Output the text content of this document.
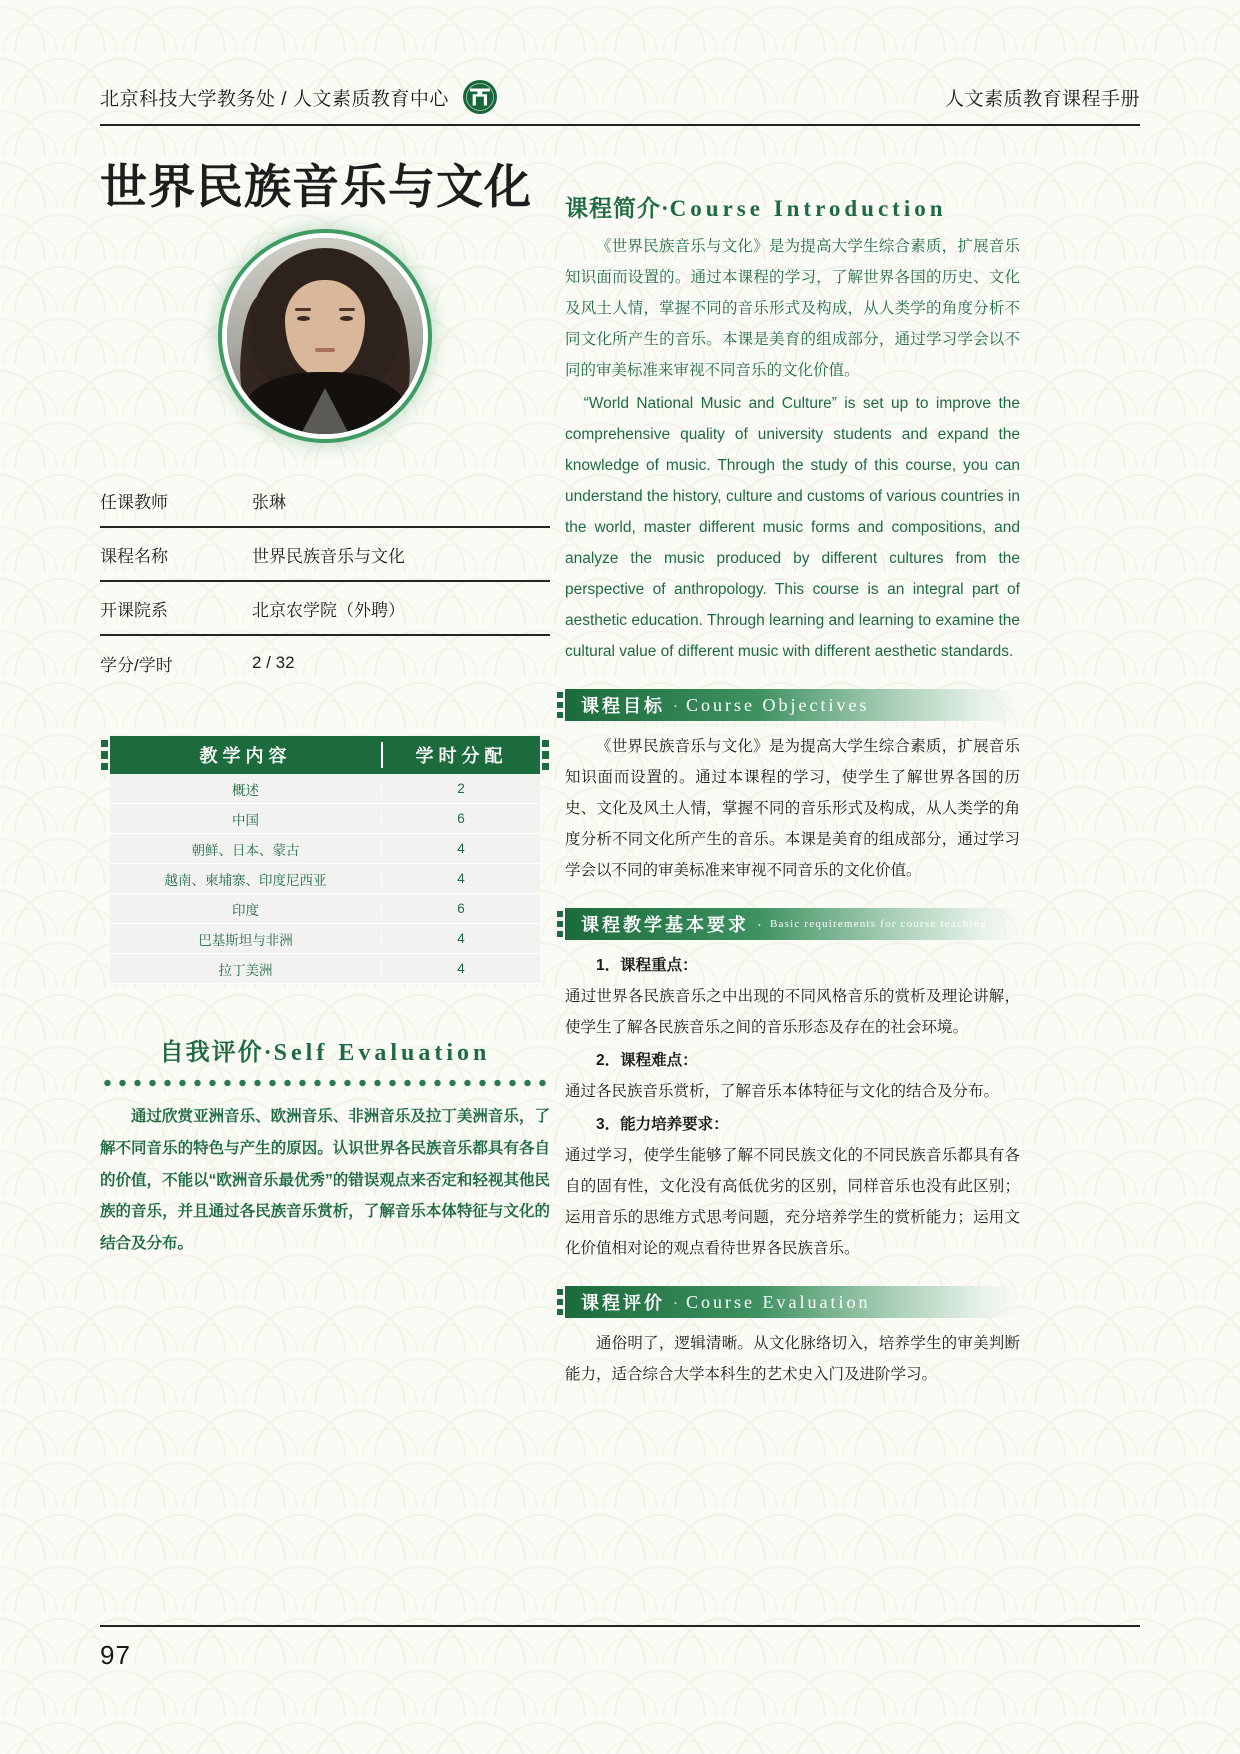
北京科技大学教务处 / 人文素质教育中心	人文素质教育课程手册
世界民族音乐与文化
任课教师	张琳
课程名称	世界民族音乐与文化
开课院系	北京农学院（外聘）
学分/学时	2 / 32
教学内容	学时分配
概述	2
中国	6
朝鲜、日本、蒙古	4
越南、柬埔寨、印度尼西亚	4
印度	6
巴基斯坦与非洲	4
拉丁美洲	4
自我评价·Self Evaluation
通过欣赏亚洲音乐、欧洲音乐、非洲音乐及拉丁美洲音乐，了解不同音乐的特色与产生的原因。认识世界各民族音乐都具有各自的价值，不能以“欧洲音乐最优秀”的错误观点来否定和轻视其他民族的音乐，并且通过各民族音乐赏析，了解音乐本体特征与文化的结合及分布。
课程简介·Course Introduction
《世界民族音乐与文化》是为提高大学生综合素质，扩展音乐知识面而设置的。通过本课程的学习，了解世界各国的历史、文化及风土人情，掌握不同的音乐形式及构成，从人类学的角度分析不同文化所产生的音乐。本课是美育的组成部分，通过学习学会以不同的审美标准来审视不同音乐的文化价值。
“World National Music and Culture” is set up to improve the comprehensive quality of university students and expand the knowledge of music. Through the study of this course, you can understand the history, culture and customs of various countries in the world, master different music forms and compositions, and analyze the music produced by different cultures from the perspective of anthropology. This course is an integral part of aesthetic education. Through learning and learning to examine the cultural value of different music with different aesthetic standards.
课程目标 · Course Objectives
《世界民族音乐与文化》是为提高大学生综合素质，扩展音乐知识面而设置的。通过本课程的学习，使学生了解世界各国的历史、文化及风土人情，掌握不同的音乐形式及构成，从人类学的角度分析不同文化所产生的音乐。本课是美育的组成部分，通过学习学会以不同的审美标准来审视不同音乐的文化价值。
课程教学基本要求 · Basic requirements for course teaching
1．课程重点：
通过世界各民族音乐之中出现的不同风格音乐的赏析及理论讲解，使学生了解各民族音乐之间的音乐形态及存在的社会环境。
2．课程难点：
通过各民族音乐赏析，了解音乐本体特征与文化的结合及分布。
3．能力培养要求：
通过学习，使学生能够了解不同民族文化的不同民族音乐都具有各自的固有性，文化没有高低优劣的区别，同样音乐也没有此区别；运用音乐的思维方式思考问题，充分培养学生的赏析能力；运用文化价值相对论的观点看待世界各民族音乐。
课程评价 · Course Evaluation
通俗明了，逻辑清晰。从文化脉络切入，培养学生的审美判断能力，适合综合大学本科生的艺术史入门及进阶学习。
97
